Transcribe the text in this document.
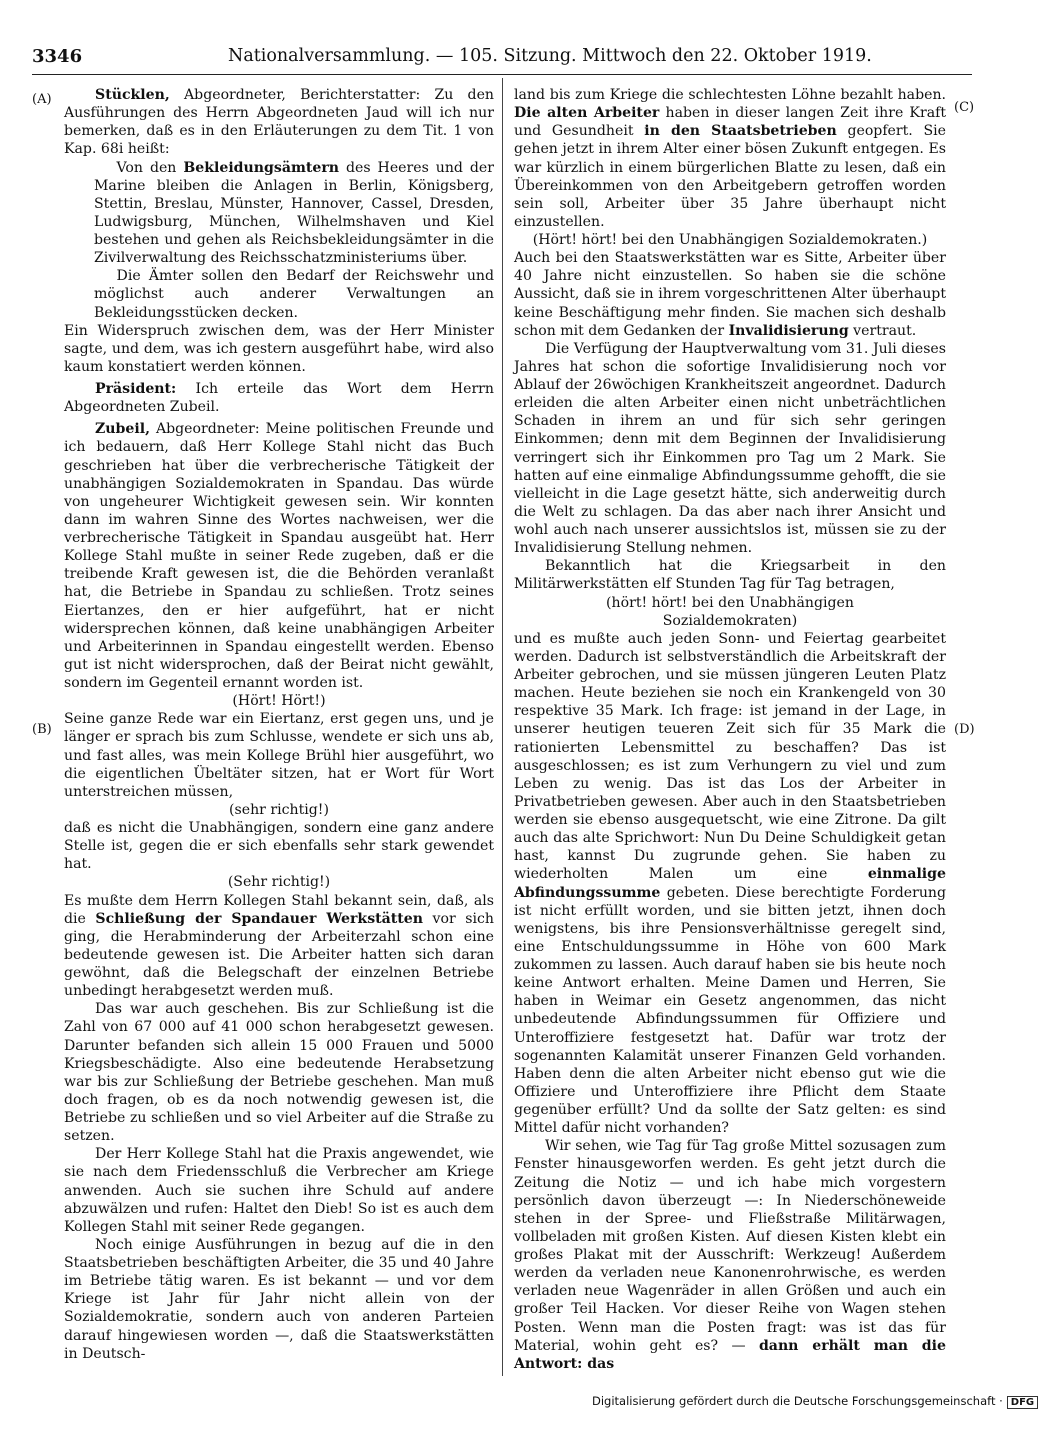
3346	Nationalversammlung. — 105. Sitzung. Mittwoch den 22. Oktober 1919.
(A)
(B)
(C)
(D)

Stücklen, Abgeordneter, Berichterstatter: Zu den Ausführungen des Herrn Abgeordneten Jaud will ich nur bemerken, daß es in den Erläuterungen zu dem Tit. 1 von Kap. 68i heißt:

Von den Bekleidungsämtern des Heeres und der Marine bleiben die Anlagen in Berlin, Königsberg, Stettin, Breslau, Münster, Hannover, Cassel, Dresden, Ludwigsburg, München, Wilhelmshaven und Kiel bestehen und gehen als Reichsbekleidungsämter in die Zivilverwaltung des Reichsschatzministeriums über.

Die Ämter sollen den Bedarf der Reichswehr und möglichst auch anderer Verwaltungen an Bekleidungsstücken decken.

Ein Widerspruch zwischen dem, was der Herr Minister sagte, und dem, was ich gestern ausgeführt habe, wird also kaum konstatiert werden können.

Präsident: Ich erteile das Wort dem Herrn Abgeordneten Zubeil.

Zubeil, Abgeordneter: Meine politischen Freunde und ich bedauern, daß Herr Kollege Stahl nicht das Buch geschrieben hat über die verbrecherische Tätigkeit der unabhängigen Sozialdemokraten in Spandau. Das würde von ungeheurer Wichtigkeit gewesen sein. Wir konnten dann im wahren Sinne des Wortes nachweisen, wer die verbrecherische Tätigkeit in Spandau ausgeübt hat. Herr Kollege Stahl mußte in seiner Rede zugeben, daß er die treibende Kraft gewesen ist, die die Behörden veranlaßt hat, die Betriebe in Spandau zu schließen. Trotz seines Eiertanzes, den er hier aufgeführt, hat er nicht widersprechen können, daß keine unabhängigen Arbeiter und Arbeiterinnen in Spandau eingestellt werden. Ebenso gut ist nicht widersprochen, daß der Beirat nicht gewählt, sondern im Gegenteil ernannt worden ist.

(Hört! Hört!)

Seine ganze Rede war ein Eiertanz, erst gegen uns, und je länger er sprach bis zum Schlusse, wendete er sich uns ab, und fast alles, was mein Kollege Brühl hier ausgeführt, wo die eigentlichen Übeltäter sitzen, hat er Wort für Wort unterstreichen müssen,

(sehr richtig!)

daß es nicht die Unabhängigen, sondern eine ganz andere Stelle ist, gegen die er sich ebenfalls sehr stark gewendet hat.

(Sehr richtig!)

Es mußte dem Herrn Kollegen Stahl bekannt sein, daß, als die Schließung der Spandauer Werkstätten vor sich ging, die Herabminderung der Arbeiterzahl schon eine bedeutende gewesen ist. Die Arbeiter hatten sich daran gewöhnt, daß die Belegschaft der einzelnen Betriebe unbedingt herabgesetzt werden muß.

Das war auch geschehen. Bis zur Schließung ist die Zahl von 67 000 auf 41 000 schon herabgesetzt gewesen. Darunter befanden sich allein 15 000 Frauen und 5000 Kriegsbeschädigte. Also eine bedeutende Herabsetzung war bis zur Schließung der Betriebe geschehen. Man muß doch fragen, ob es da noch notwendig gewesen ist, die Betriebe zu schließen und so viel Arbeiter auf die Straße zu setzen.

Der Herr Kollege Stahl hat die Praxis angewendet, wie sie nach dem Friedensschluß die Verbrecher am Kriege anwenden. Auch sie suchen ihre Schuld auf andere abzuwälzen und rufen: Haltet den Dieb! So ist es auch dem Kollegen Stahl mit seiner Rede gegangen.

Noch einige Ausführungen in bezug auf die in den Staatsbetrieben beschäftigten Arbeiter, die 35 und 40 Jahre im Betriebe tätig waren. Es ist bekannt — und vor dem Kriege ist Jahr für Jahr nicht allein von der Sozialdemokratie, sondern auch von anderen Parteien darauf hingewiesen worden —, daß die Staatswerkstätten in Deutsch-

land bis zum Kriege die schlechtesten Löhne bezahlt haben. Die alten Arbeiter haben in dieser langen Zeit ihre Kraft und Gesundheit in den Staatsbetrieben geopfert. Sie gehen jetzt in ihrem Alter einer bösen Zukunft entgegen. Es war kürzlich in einem bürgerlichen Blatte zu lesen, daß ein Übereinkommen von den Arbeitgebern getroffen worden sein soll, Arbeiter über 35 Jahre überhaupt nicht einzustellen.

(Hört! hört! bei den Unabhängigen Sozialdemokraten.)

Auch bei den Staatswerkstätten war es Sitte, Arbeiter über 40 Jahre nicht einzustellen. So haben sie die schöne Aussicht, daß sie in ihrem vorgeschrittenen Alter überhaupt keine Beschäftigung mehr finden. Sie machen sich deshalb schon mit dem Gedanken der Invalidisierung vertraut.

Die Verfügung der Hauptverwaltung vom 31. Juli dieses Jahres hat schon die sofortige Invalidisierung noch vor Ablauf der 26wöchigen Krankheitszeit angeordnet. Dadurch erleiden die alten Arbeiter einen nicht unbeträchtlichen Schaden in ihrem an und für sich sehr geringen Einkommen; denn mit dem Beginnen der Invalidisierung verringert sich ihr Einkommen pro Tag um 2 Mark. Sie hatten auf eine einmalige Abfindungssumme gehofft, die sie vielleicht in die Lage gesetzt hätte, sich anderweitig durch die Welt zu schlagen. Da das aber nach ihrer Ansicht und wohl auch nach unserer aussichtslos ist, müssen sie zu der Invalidisierung Stellung nehmen.

Bekanntlich hat die Kriegsarbeit in den Militärwerkstätten elf Stunden Tag für Tag betragen,

(hört! hört! bei den Unabhängigen Sozialdemokraten)

und es mußte auch jeden Sonn- und Feiertag gearbeitet werden. Dadurch ist selbstverständlich die Arbeitskraft der Arbeiter gebrochen, und sie müssen jüngeren Leuten Platz machen. Heute beziehen sie noch ein Krankengeld von 30 respektive 35 Mark. Ich frage: ist jemand in der Lage, in unserer heutigen teueren Zeit sich für 35 Mark die rationierten Lebensmittel zu beschaffen? Das ist ausgeschlossen; es ist zum Verhungern zu viel und zum Leben zu wenig. Das ist das Los der Arbeiter in Privatbetrieben gewesen. Aber auch in den Staatsbetrieben werden sie ebenso ausgequetscht, wie eine Zitrone. Da gilt auch das alte Sprichwort: Nun Du Deine Schuldigkeit getan hast, kannst Du zugrunde gehen. Sie haben zu wiederholten Malen um eine einmalige Abfindungssumme gebeten. Diese berechtigte Forderung ist nicht erfüllt worden, und sie bitten jetzt, ihnen doch wenigstens, bis ihre Pensionsverhältnisse geregelt sind, eine Entschuldungssumme in Höhe von 600 Mark zukommen zu lassen. Auch darauf haben sie bis heute noch keine Antwort erhalten. Meine Damen und Herren, Sie haben in Weimar ein Gesetz angenommen, das nicht unbedeutende Abfindungssummen für Offiziere und Unteroffiziere festgesetzt hat. Dafür war trotz der sogenannten Kalamität unserer Finanzen Geld vorhanden. Haben denn die alten Arbeiter nicht ebenso gut wie die Offiziere und Unteroffiziere ihre Pflicht dem Staate gegenüber erfüllt? Und da sollte der Satz gelten: es sind Mittel dafür nicht vorhanden?

Wir sehen, wie Tag für Tag große Mittel sozusagen zum Fenster hinausgeworfen werden. Es geht jetzt durch die Zeitung die Notiz — und ich habe mich vorgestern persönlich davon überzeugt —: In Niederschöneweide stehen in der Spree- und Fließstraße Militärwagen, vollbeladen mit großen Kisten. Auf diesen Kisten klebt ein großes Plakat mit der Ausschrift: Werkzeug! Außerdem werden da verladen neue Kanonenrohrwische, es werden verladen neue Wagenräder in allen Größen und auch ein großer Teil Hacken. Vor dieser Reihe von Wagen stehen Posten. Wenn man die Posten fragt: was ist das für Material, wohin geht es? — dann erhält man die Antwort: das

Digitalisierung gefördert durch die Deutsche Forschungsgemeinschaft · DFG
